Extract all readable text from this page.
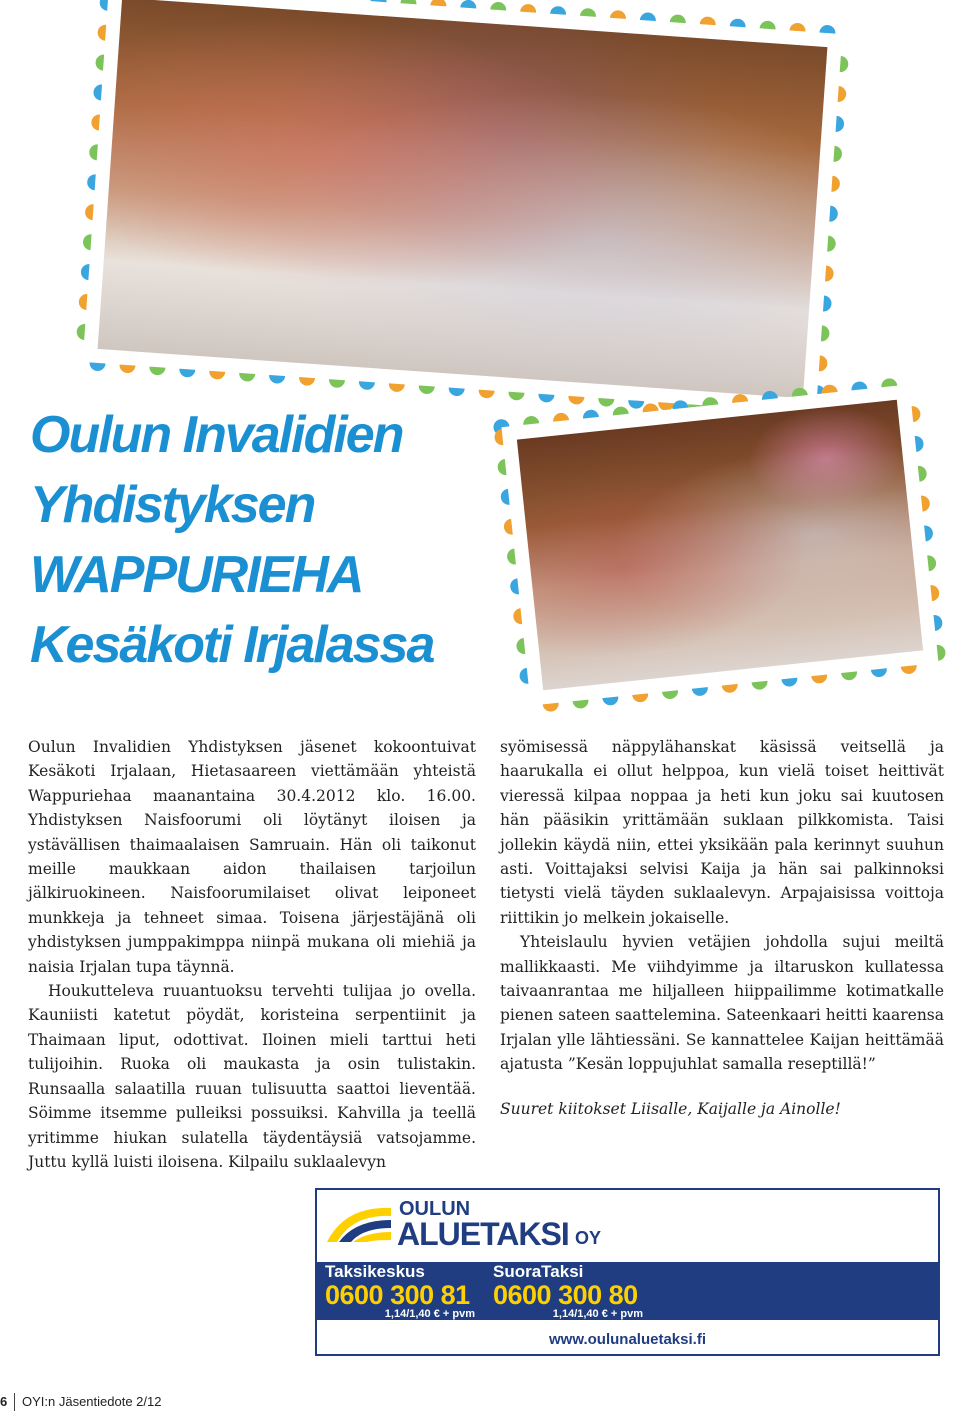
Oulun Invalidien
Yhdistyksen
WAPPURIEHA
Kesäkoti Irjalassa

Oulun Invalidien Yhdistyksen jäsenet kokoontuivat Kesäkoti Irjalaan, Hietasaareen viettämään yhteistä Wappuriehaa maanantaina 30.4.2012 klo. 16.00. Yhdistyksen Naisfoorumi oli löytänyt iloisen ja ystävällisen thaimaalaisen Samruain. Hän oli taikonut meille maukkaan aidon thailaisen tarjoilun jälkiruokineen. Naisfoorumilaiset olivat leiponeet munkkeja ja tehneet simaa. Toisena järjestäjänä oli yhdistyksen jumppakimppa niinpä mukana oli miehiä ja naisia Irjalan tupa täynnä.

Houkutteleva ruuantuoksu tervehti tulijaa jo ovella. Kauniisti katetut pöydät, koristeina serpentiinit ja Thaimaan liput, odottivat. Iloinen mieli tarttui heti tulijoihin. Ruoka oli maukasta ja osin tulistakin. Runsaalla salaatilla ruuan tulisuutta saattoi lieventää. Söimme itsemme pulleiksi possuiksi. Kahvilla ja teellä yritimme hiukan sulatella täydentäysiä vatsojamme. Juttu kyllä luisti iloisena. Kilpailu suklaalevyn

syömisessä näppylähanskat käsissä veitsellä ja haarukalla ei ollut helppoa, kun vielä toiset heittivät vieressä kilpaa noppaa ja heti kun joku sai kuutosen hän pääsikin yrittämään suklaan pilkkomista. Taisi jollekin käydä niin, ettei yksikään pala kerinnyt suuhun asti. Voittajaksi selvisi Kaija ja hän sai palkinnoksi tietysti vielä täyden suklaalevyn. Arpajaisissa voittoja riittikin jo melkein jokaiselle.

Yhteislaulu hyvien vetäjien johdolla sujui meiltä mallikkaasti. Me viihdyimme ja iltaruskon kullatessa taivaanrantaa me hiljalleen hiippailimme kotimatkalle pienen sateen saattelemina. Sateenkaari heitti kaarensa Irjalan ylle lähtiessäni. Se kannattelee Kaijan heittämää ajatusta ”Kesän loppujuhlat samalla reseptillä!”

Suuret kiitokset Liisalle, Kaijalle ja Ainolle!

OULUN
ALUETAKSI OY
Taksikeskus
0600 300 81
1,14/1,40 € + pvm
SuoraTaksi
0600 300 80
1,14/1,40 € + pvm
www.oulunaluetaksi.fi
6 OYI:n Jäsentiedote 2/12
